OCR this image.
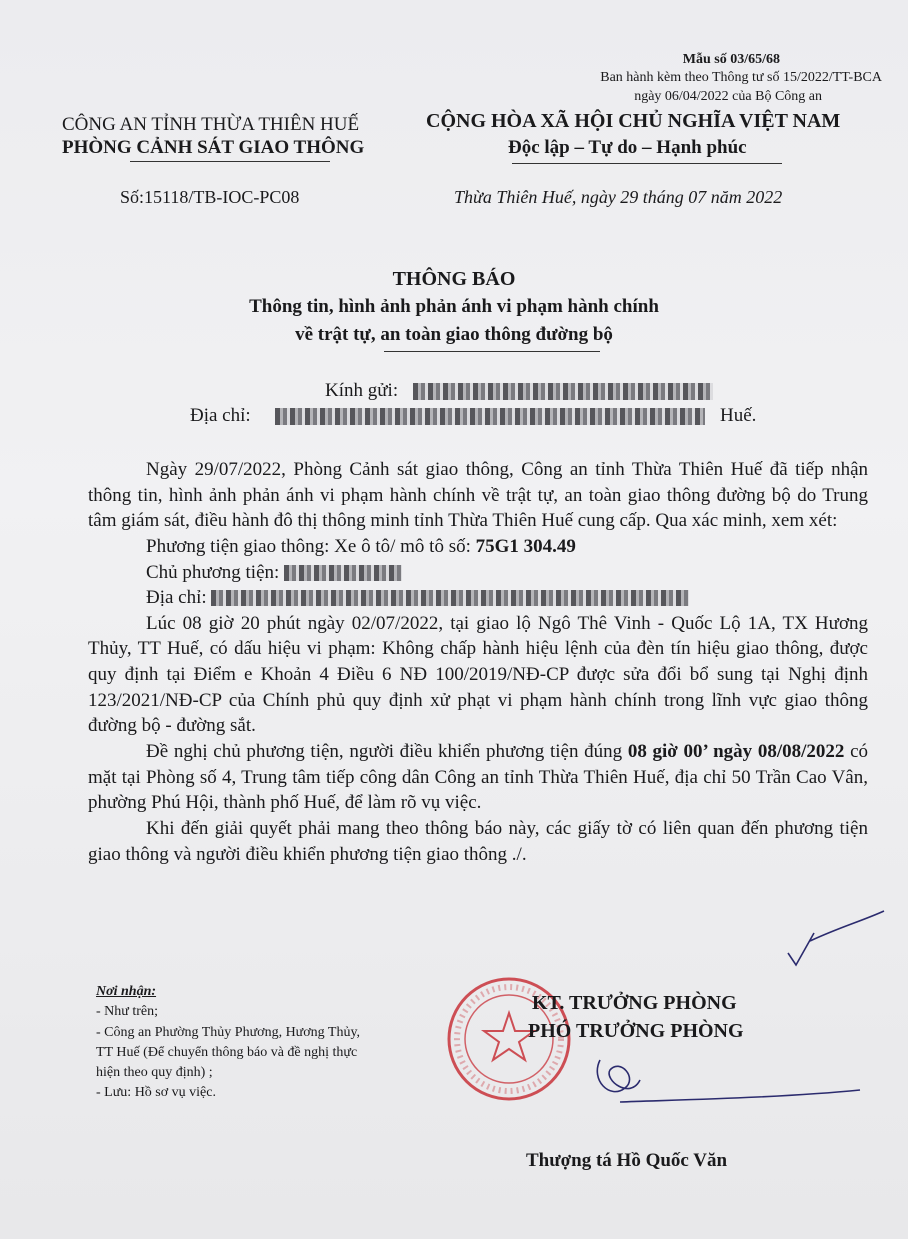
Mẫu số 03/65/68
Ban hành kèm theo Thông tư số 15/2022/TT-BCA
ngày 06/04/2022 của Bộ Công an
CÔNG AN TỈNH THỪA THIÊN HUẾ
PHÒNG CẢNH SÁT GIAO THÔNG
CỘNG HÒA XÃ HỘI CHỦ NGHĨA VIỆT NAM
Độc lập – Tự do – Hạnh phúc
Số:15118/TB-IOC-PC08	Thừa Thiên Huế, ngày 29 tháng 07 năm 2022
THÔNG BÁO
Thông tin, hình ảnh phản ánh vi phạm hành chính
về trật tự, an toàn giao thông đường bộ
Kính gửi:
Địa chỉ:	Huế.

Ngày 29/07/2022, Phòng Cảnh sát giao thông, Công an tỉnh Thừa Thiên Huế đã tiếp nhận thông tin, hình ảnh phản ánh vi phạm hành chính về trật tự, an toàn giao thông đường bộ do Trung tâm giám sát, điều hành đô thị thông minh tỉnh Thừa Thiên Huế cung cấp. Qua xác minh, xem xét:

Phương tiện giao thông: Xe ô tô/ mô tô số: 75G1 304.49

Chủ phương tiện:

Địa chỉ:

Lúc 08 giờ 20 phút ngày 02/07/2022, tại giao lộ Ngô Thê Vinh - Quốc Lộ 1A, TX Hương Thủy, TT Huế, có dấu hiệu vi phạm: Không chấp hành hiệu lệnh của đèn tín hiệu giao thông, được quy định tại Điểm e Khoản 4 Điều 6 NĐ 100/2019/NĐ-CP được sửa đổi bổ sung tại Nghị định 123/2021/NĐ-CP của Chính phủ quy định xử phạt vi phạm hành chính trong lĩnh vực giao thông đường bộ - đường sắt.

Đề nghị chủ phương tiện, người điều khiển phương tiện đúng 08 giờ 00’ ngày 08/08/2022 có mặt tại Phòng số 4, Trung tâm tiếp công dân Công an tỉnh Thừa Thiên Huế, địa chỉ 50 Trần Cao Vân, phường Phú Hội, thành phố Huế, để làm rõ vụ việc.

Khi đến giải quyết phải mang theo thông báo này, các giấy tờ có liên quan đến phương tiện giao thông và người điều khiển phương tiện giao thông ./.

Nơi nhận:
- Như trên;
- Công an Phường Thủy Phương, Hương Thủy,
TT Huế (Để chuyển thông báo và đề nghị thực
hiện theo quy định) ;
- Lưu: Hồ sơ vụ việc.
KT. TRƯỞNG PHÒNG
PHÓ TRƯỞNG PHÒNG
Thượng tá Hồ Quốc Văn
